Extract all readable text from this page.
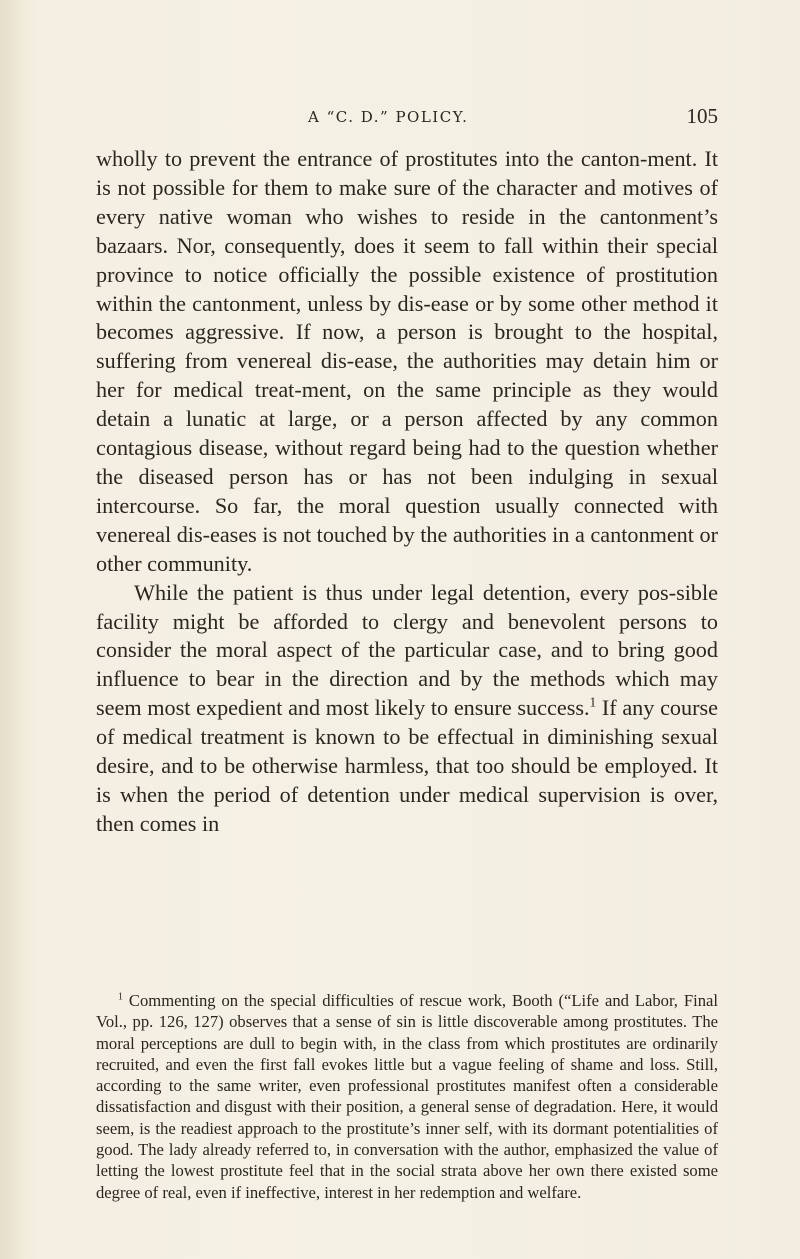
A “C. D.” POLICY.	105

wholly to prevent the entrance of prostitutes into the canton-ment. It is not possible for them to make sure of the character and motives of every native woman who wishes to reside in the cantonment’s bazaars. Nor, consequently, does it seem to fall within their special province to notice officially the possible existence of prostitution within the cantonment, unless by dis-ease or by some other method it becomes aggressive. If now, a person is brought to the hospital, suffering from venereal dis-ease, the authorities may detain him or her for medical treat-ment, on the same principle as they would detain a lunatic at large, or a person affected by any common contagious disease, without regard being had to the question whether the diseased person has or has not been indulging in sexual intercourse. So far, the moral question usually connected with venereal dis-eases is not touched by the authorities in a cantonment or other community.

While the patient is thus under legal detention, every pos-sible facility might be afforded to clergy and benevolent persons to consider the moral aspect of the particular case, and to bring good influence to bear in the direction and by the methods which may seem most expedient and most likely to ensure success.$^1$ If any course of medical treatment is known to be effectual in diminishing sexual desire, and to be otherwise harmless, that too should be employed. It is when the period of detention under medical supervision is over, then comes in

$^1$ Commenting on the special difficulties of rescue work, Booth (“Life and Labor, Final Vol., pp. 126, 127) observes that a sense of sin is little discoverable among prostitutes. The moral perceptions are dull to begin with, in the class from which prostitutes are ordinarily recruited, and even the first fall evokes little but a vague feeling of shame and loss. Still, according to the same writer, even professional prostitutes manifest often a considerable dissatisfaction and disgust with their position, a general sense of degradation. Here, it would seem, is the readiest approach to the prostitute’s inner self, with its dormant potentialities of good. The lady already referred to, in conversation with the author, emphasized the value of letting the lowest prostitute feel that in the social strata above her own there existed some degree of real, even if ineffective, interest in her redemption and welfare.
